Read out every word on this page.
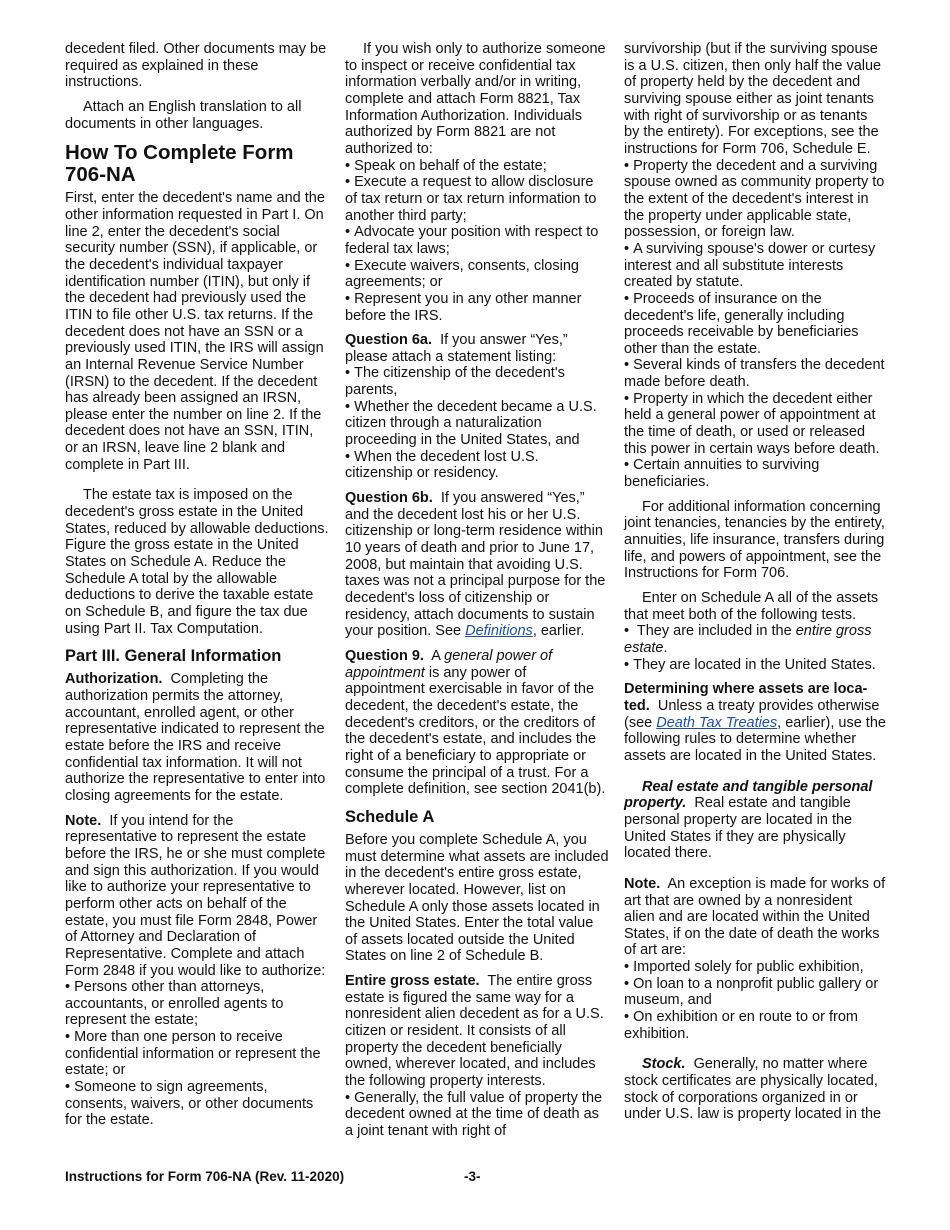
decedent filed. Other documents may be required as explained in these instructions.

Attach an English translation to all documents in other languages.

How To Complete Form 706-NA

First, enter the decedent's name and the other information requested in Part I. On line 2, enter the decedent's social security number (SSN), if applicable, or the decedent's individual taxpayer identification number (ITIN), but only if the decedent had previously used the ITIN to file other U.S. tax returns. If the decedent does not have an SSN or a previously used ITIN, the IRS will assign an Internal Revenue Service Number (IRSN) to the decedent. If the decedent has already been assigned an IRSN, please enter the number on line 2. If the decedent does not have an SSN, ITIN, or an IRSN, leave line 2 blank and complete in Part III.

The estate tax is imposed on the decedent's gross estate in the United States, reduced by allowable deductions. Figure the gross estate in the United States on Schedule A. Reduce the Schedule A total by the allowable deductions to derive the taxable estate on Schedule B, and figure the tax due using Part II. Tax Computation.

Part III. General Information

Authorization. Completing the authorization permits the attorney, accountant, enrolled agent, or other representative indicated to represent the estate before the IRS and receive confidential tax information. It will not authorize the representative to enter into closing agreements for the estate.

Note. If you intend for the representative to represent the estate before the IRS, he or she must complete and sign this authorization. If you would like to authorize your representative to perform other acts on behalf of the estate, you must file Form 2848, Power of Attorney and Declaration of Representative. Complete and attach Form 2848 if you would like to authorize:

• Persons other than attorneys, accountants, or enrolled agents to represent the estate;
• More than one person to receive confidential information or represent the estate; or
• Someone to sign agreements, consents, waivers, or other documents for the estate.

If you wish only to authorize someone to inspect or receive confidential tax information verbally and/or in writing, complete and attach Form 8821, Tax Information Authorization. Individuals authorized by Form 8821 are not authorized to:

• Speak on behalf of the estate;
• Execute a request to allow disclosure of tax return or tax return information to another third party;
• Advocate your position with respect to federal tax laws;
• Execute waivers, consents, closing agreements; or
• Represent you in any other manner before the IRS.

Question 6a. If you answer “Yes,” please attach a statement listing:

• The citizenship of the decedent's parents,
• Whether the decedent became a U.S. citizen through a naturalization proceeding in the United States, and
• When the decedent lost U.S. citizenship or residency.

Question 6b. If you answered “Yes,” and the decedent lost his or her U.S. citizenship or long-term residence within 10 years of death and prior to June 17, 2008, but maintain that avoiding U.S. taxes was not a principal purpose for the decedent's loss of citizenship or residency, attach documents to sustain your position. See Definitions, earlier.

Question 9. A general power of appointment is any power of appointment exercisable in favor of the decedent, the decedent's estate, the decedent's creditors, or the creditors of the decedent's estate, and includes the right of a beneficiary to appropriate or consume the principal of a trust. For a complete definition, see section 2041(b).

Schedule A

Before you complete Schedule A, you must determine what assets are included in the decedent's entire gross estate, wherever located. However, list on Schedule A only those assets located in the United States. Enter the total value of assets located outside the United States on line 2 of Schedule B.

Entire gross estate. The entire gross estate is figured the same way for a nonresident alien decedent as for a U.S. citizen or resident. It consists of all property the decedent beneficially owned, wherever located, and includes the following property interests.

• Generally, the full value of property the decedent owned at the time of death as a joint tenant with right of

survivorship (but if the surviving spouse is a U.S. citizen, then only half the value of property held by the decedent and surviving spouse either as joint tenants with right of survivorship or as tenants by the entirety). For exceptions, see the instructions for Form 706, Schedule E.

• Property the decedent and a surviving spouse owned as community property to the extent of the decedent's interest in the property under applicable state, possession, or foreign law.
• A surviving spouse's dower or curtesy interest and all substitute interests created by statute.
• Proceeds of insurance on the decedent's life, generally including proceeds receivable by beneficiaries other than the estate.
• Several kinds of transfers the decedent made before death.
• Property in which the decedent either held a general power of appointment at the time of death, or used or released this power in certain ways before death.
• Certain annuities to surviving beneficiaries.

For additional information concerning joint tenancies, tenancies by the entirety, annuities, life insurance, transfers during life, and powers of appointment, see the Instructions for Form 706.

Enter on Schedule A all of the assets that meet both of the following tests.

• They are included in the entire gross estate.
• They are located in the United States.

Determining where assets are loca-ted. Unless a treaty provides otherwise (see Death Tax Treaties, earlier), use the following rules to determine whether assets are located in the United States.

Real estate and tangible personal property. Real estate and tangible personal property are located in the United States if they are physically located there.

Note. An exception is made for works of art that are owned by a nonresident alien and are located within the United States, if on the date of death the works of art are:

• Imported solely for public exhibition,
• On loan to a nonprofit public gallery or museum, and
• On exhibition or en route to or from exhibition.

Stock. Generally, no matter where stock certificates are physically located, stock of corporations organized in or under U.S. law is property located in the

Instructions for Form 706-NA (Rev. 11-2020)	-3-
